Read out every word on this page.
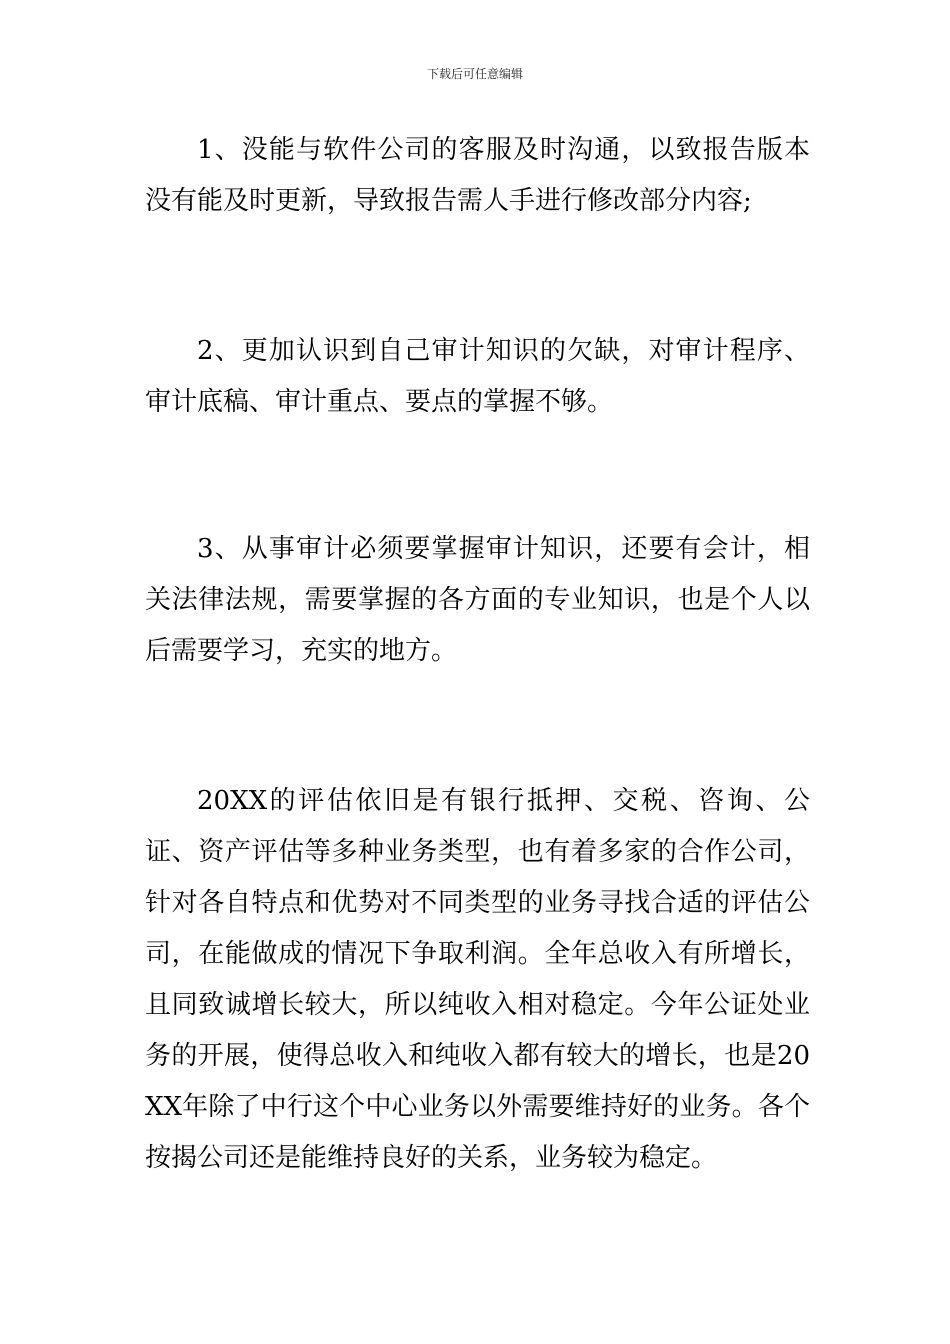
下载后可任意编辑

1、没能与软件公司的客服及时沟通，以致报告版本没有能及时更新，导致报告需人手进行修改部分内容;

2、更加认识到自己审计知识的欠缺，对审计程序、审计底稿、审计重点、要点的掌握不够。

3、从事审计必须要掌握审计知识，还要有会计，相关法律法规，需要掌握的各方面的专业知识，也是个人以后需要学习，充实的地方。

20XX的评估依旧是有银行抵押、交税、咨询、公证、资产评估等多种业务类型，也有着多家的合作公司，针对各自特点和优势对不同类型的业务寻找合适的评估公司，在能做成的情况下争取利润。全年总收入有所增长，且同致诚增长较大，所以纯收入相对稳定。今年公证处业务的开展，使得总收入和纯收入都有较大的增长，也是20XX年除了中行这个中心业务以外需要维持好的业务。各个按揭公司还是能维持良好的关系，业务较为稳定。
